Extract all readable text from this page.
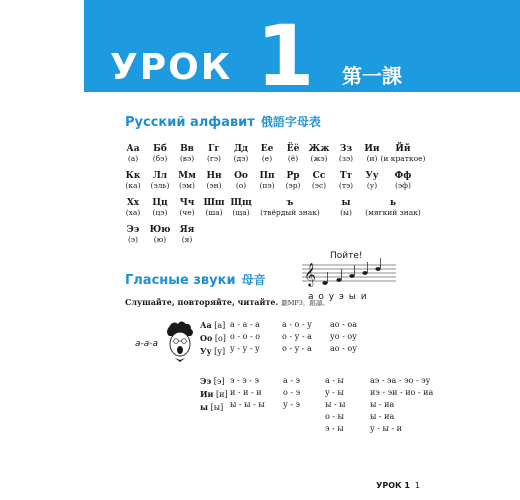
УРОК 1 第一課
Русский алфавит 俄語字母表
Аа
(а)
Бб
(бэ)
Вв
(вэ)
Гг
(гэ)
Дд
(дэ)
Ее
(е)
Ёё
(ё)
Жж
(жэ)
Зз
(зэ)
Ии
(и)
Йй
(и краткое)
Кк
(ка)
Лл
(эль)
Мм
(эм)
Нн
(эн)
Оо
(о)
Пп
(пэ)
Рр
(эр)
Сс
(эс)
Тт
(тэ)
Уу
(у)
Фф
(эф)
Хх
(ха)
Цц
(цэ)
Чч
(че)
Шш
(ша)
Щщ
(ща)
ъ
(твёрдый знак)
ы
(ы)
ь
(мягкий знак)
Ээ
(э)
Юю
(ю)
Яя
(я)
Гласные звуки 母音
Пойте!
𝄞
а о у э ы и
Слушайте, повторяйте, читайте. 聽MP3，跟讀。
a-a-a
Аа [а]
Оо [о]
Уу [у]
а - а - а
о - о - о
у - у - у
а - о - у
о - у - а
о - у - а
ао - оа
уо - оу
ао - оу
Ээ [э]
Ии [и]
ы [ы]
э - э - э
и - и - и
ы - ы - ы
а - э
о - э
у - э
а - ы
у - ы
ы - ы
о - ы
э - ы
аэ - эа - эо - эу
иэ - эи - ио - иа
ы - иа
ы - иа
у - ы - и
УРОК 1 1
